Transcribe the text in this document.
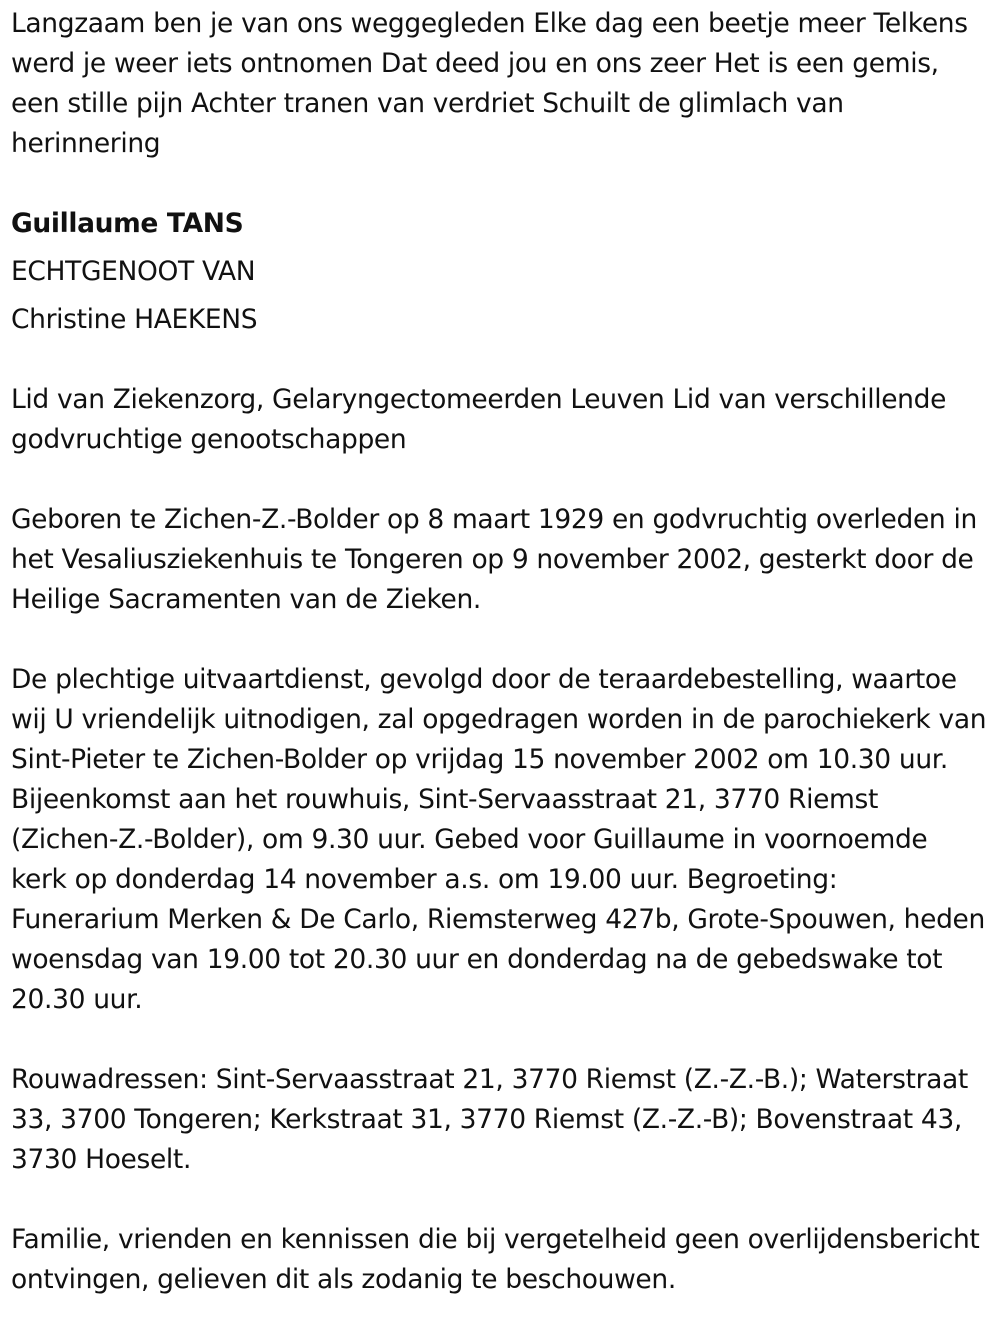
Langzaam ben je van ons weggegleden Elke dag een beetje meer Telkens werd je weer iets ontnomen Dat deed jou en ons zeer Het is een gemis, een stille pijn Achter tranen van verdriet Schuilt de glimlach van herinnering

Guillaume TANS

ECHTGENOOT VAN

Christine HAEKENS

Lid van Ziekenzorg, Gelaryngectomeerden Leuven Lid van verschillende godvruchtige genootschappen

Geboren te Zichen-Z.-Bolder op 8 maart 1929 en godvruchtig overleden in het Vesaliusziekenhuis te Tongeren op 9 november 2002, gesterkt door de Heilige Sacramenten van de Zieken.

De plechtige uitvaartdienst, gevolgd door de teraardebestelling, waartoe wij U vriendelijk uitnodigen, zal opgedragen worden in de parochiekerk van Sint-Pieter te Zichen-Bolder op vrijdag 15 november 2002 om 10.30 uur. Bijeenkomst aan het rouwhuis, Sint-Servaasstraat 21, 3770 Riemst (Zichen-Z.-Bolder), om 9.30 uur. Gebed voor Guillaume in voornoemde kerk op donderdag 14 november a.s. om 19.00 uur. Begroeting: Funerarium Merken & De Carlo, Riemsterweg 427b, Grote-Spouwen, heden woensdag van 19.00 tot 20.30 uur en donderdag na de gebedswake tot 20.30 uur.

Rouwadressen: Sint-Servaasstraat 21, 3770 Riemst (Z.-Z.-B.); Waterstraat 33, 3700 Tongeren; Kerkstraat 31, 3770 Riemst (Z.-Z.-B); Bovenstraat 43, 3730 Hoeselt.

Familie, vrienden en kennissen die bij vergetelheid geen overlijdensbericht ontvingen, gelieven dit als zodanig te beschouwen.
